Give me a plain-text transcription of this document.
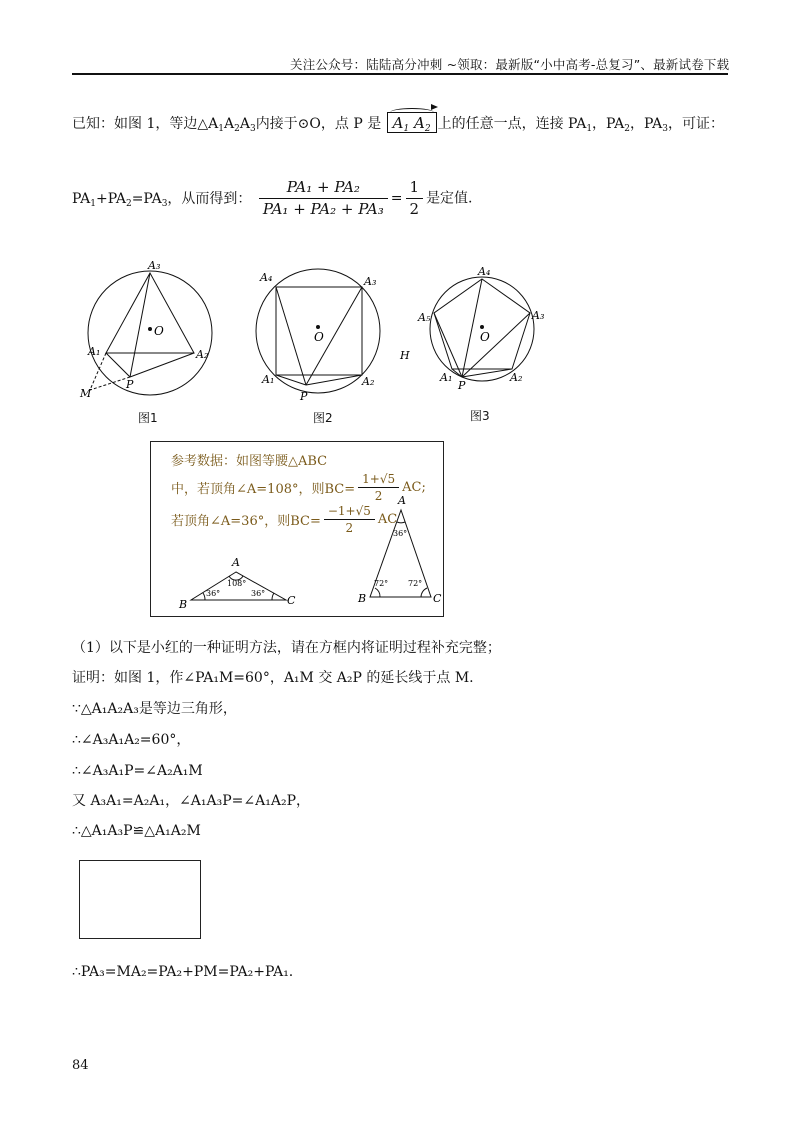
关注公众号：陆陆高分冲刺 ~领取：最新版“小中高考-总复习”、最新试卷下载
已知：如图 1，等边$\triangle A_1A_2A_3$内接于⊙O，点 P 是 $A_1$ $A_2$ 上的任意一点，连接 $PA_1$，$PA_2$，$PA_3$，可证：
$PA_1+PA_2=PA_3$，从而得到： $\frac{\text{PA₁ + PA₂}}{\text{PA₁ + PA₂ + PA₃}} = \frac{1}{2}$ 是定值.
A₃
O
A₁	A₂
P
M
A₄	A₃
O
A₁	A₂
P
A₄
A₅	A₃
O
A₁	A₂
P
H
图1	图2	图3
参考数据：如图等腰△ABC
中，若顶角∠A=108°，则$BC= \frac{1+√5}{2}$ AC;
若顶角∠A=36°，则$BC= \frac{-1+√5}{2}$ AC
A
B	C
108°
36°	36°
A
B	C
36°
72° 72°
（1）以下是小红的一种证明方法，请在方框内将证明过程补充完整；
证明：如图 1，作∠PA₁M=60°，A₁M 交 A₂P 的延长线于点 M.
∵△A₁A₂A₃是等边三角形，
∴∠A₃A₁A₂=60°，
∴∠A₃A₁P=∠A₂A₁M
又 A₃A₁=A₂A₁，∠A₁A₃P=∠A₁A₂P，
∴△A₁A₃P≌△A₁A₂M
∴PA₃=MA₂=PA₂+PM=PA₂+PA₁.
84
